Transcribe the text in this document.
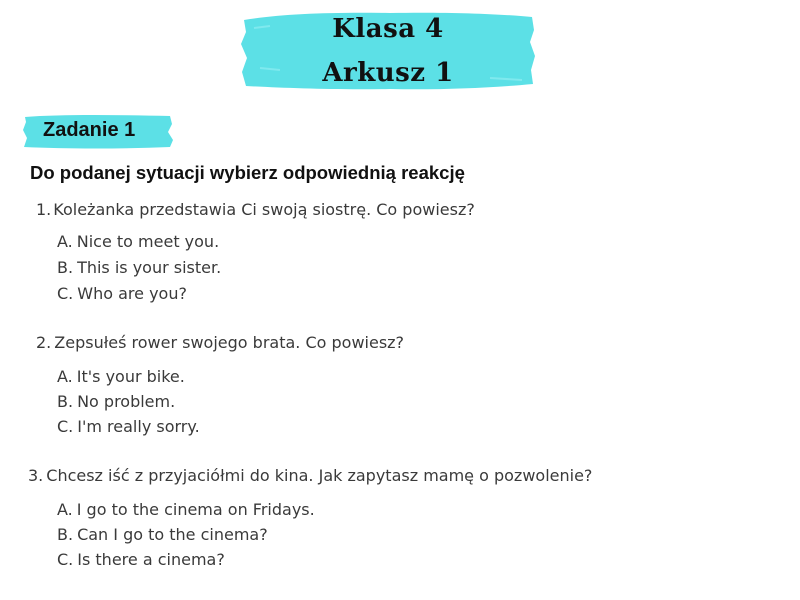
Klasa 4
Arkusz 1
Zadanie 1
Do podanej sytuacji wybierz odpowiednią reakcję
1. Koleżanka przedstawia Ci swoją siostrę. Co powiesz?
A. Nice to meet you.
B. This is your sister.
C. Who are you?
2. Zepsułeś rower swojego brata. Co powiesz?
A. It's your bike.
B. No problem.
C. I'm really sorry.
3. Chcesz iść z przyjaciółmi do kina. Jak zapytasz mamę o pozwolenie?
A. I go to the cinema on Fridays.
B. Can I go to the cinema?
C. Is there a cinema?
